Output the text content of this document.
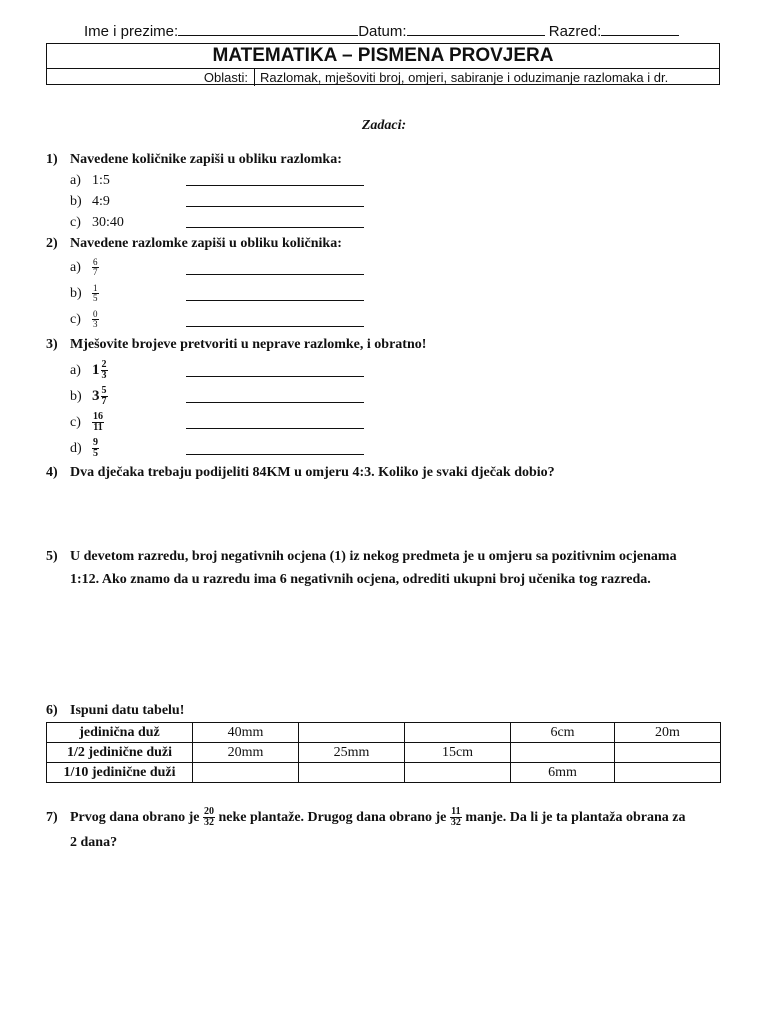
Ime i prezime:	Datum:	Razred:
MATEMATIKA – PISMENA PROVJERA
Oblasti: Razlomak, mješoviti broj, omjeri, sabiranje i oduzimanje razlomaka i dr.
Zadaci:
1) Navedene količnike zapiši u obliku razlomka:
a) 1:5
b) 4:9
c) 30:40
2) Navedene razlomke zapiši u obliku količnika:
$a) \frac{6}{7}$
$b) \frac{1}{5}$
$c) \frac{0}{3}$
3) Mješovite brojeve pretvoriti u neprave razlomke, i obratno!
a) $1 \frac{2}{3}$
b) $3 \frac{5}{7}$
$c) \frac{16}{11}$
$d) \frac{9}{5}$
4) Dva dječaka trebaju podijeliti 84KM u omjeru 4:3. Koliko je svaki dječak dobio?
5) U devetom razredu, broj negativnih ocjena (1) iz nekog predmeta je u omjeru sa pozitivnim ocjenama
1:12. Ako znamo da u razredu ima 6 negativnih ocjena, odrediti ukupni broj učenika tog razreda.
6) Ispuni datu tabelu!
jedinična duž	40mm			6cm	20m
1/2 jedinične duži	20mm	25mm	15cm		
1/10 jedinične duži				6mm	
7) Prvog dana obrano je $\frac{20}{32}$ neke plantaže. Drugog dana obrano je $\frac{11}{32}$ manje. Da li je ta plantaža obrana za
2 dana?
